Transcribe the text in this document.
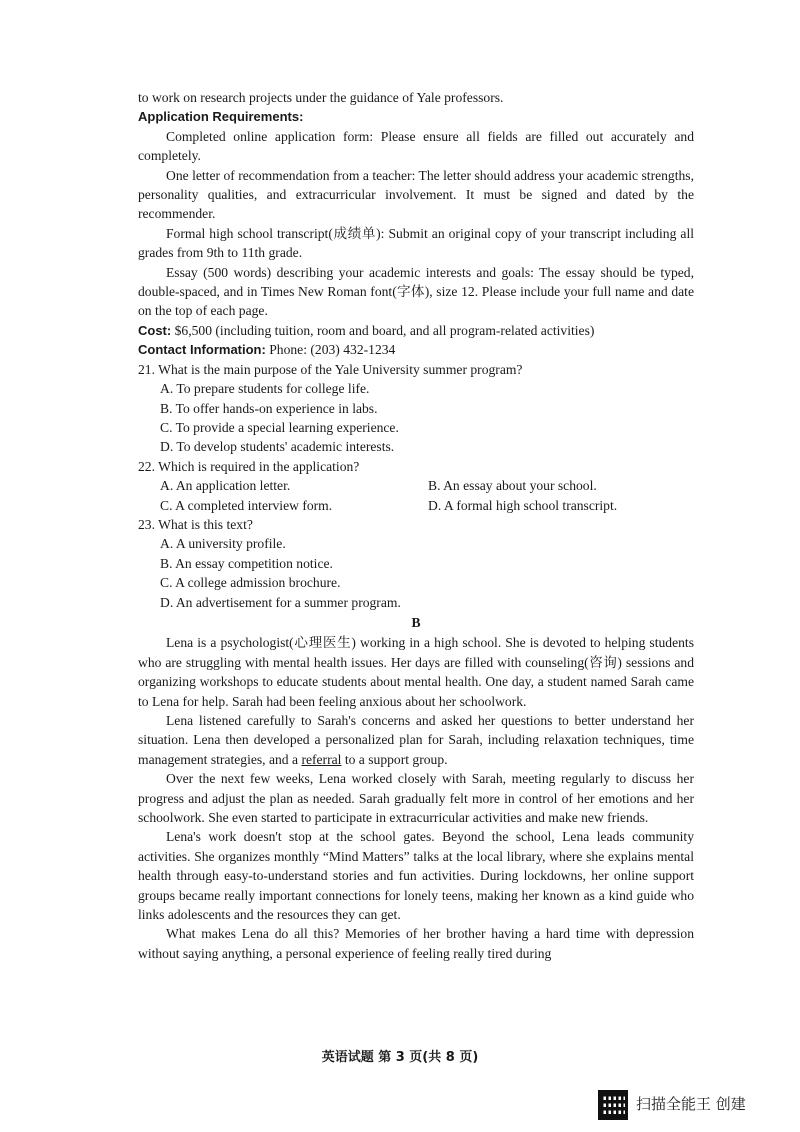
to work on research projects under the guidance of Yale professors.

Application Requirements:

Completed online application form: Please ensure all fields are filled out accurately and completely.

One letter of recommendation from a teacher: The letter should address your academic strengths, personality qualities, and extracurricular involvement. It must be signed and dated by the recommender.

Formal high school transcript(成绩单): Submit an original copy of your transcript including all grades from 9th to 11th grade.

Essay (500 words) describing your academic interests and goals: The essay should be typed, double-spaced, and in Times New Roman font(字体), size 12. Please include your full name and date on the top of each page.

Cost: $6,500 (including tuition, room and board, and all program-related activities)

Contact Information: Phone: (203) 432-1234

21. What is the main purpose of the Yale University summer program?

A. To prepare students for college life.

B. To offer hands-on experience in labs.

C. To provide a special learning experience.

D. To develop students' academic interests.

22. Which is required in the application?

A. An application letter.	B. An essay about your school.
C. A completed interview form.	D. A formal high school transcript.

23. What is this text?

A. A university profile.

B. An essay competition notice.

C. A college admission brochure.

D. An advertisement for a summer program.

B

Lena is a psychologist(心理医生) working in a high school. She is devoted to helping students who are struggling with mental health issues. Her days are filled with counseling(咨询) sessions and organizing workshops to educate students about mental health. One day, a student named Sarah came to Lena for help. Sarah had been feeling anxious about her schoolwork.

Lena listened carefully to Sarah's concerns and asked her questions to better understand her situation. Lena then developed a personalized plan for Sarah, including relaxation techniques, time management strategies, and a referral to a support group.

Over the next few weeks, Lena worked closely with Sarah, meeting regularly to discuss her progress and adjust the plan as needed. Sarah gradually felt more in control of her emotions and her schoolwork. She even started to participate in extracurricular activities and make new friends.

Lena's work doesn't stop at the school gates. Beyond the school, Lena leads community activities. She organizes monthly “Mind Matters” talks at the local library, where she explains mental health through easy-to-understand stories and fun activities. During lockdowns, her online support groups became really important connections for lonely teens, making her known as a kind guide who links adolescents and the resources they can get.

What makes Lena do all this? Memories of her brother having a hard time with depression without saying anything, a personal experience of feeling really tired during

英语试题 第 3 页(共 8 页)
扫描全能王 创建
